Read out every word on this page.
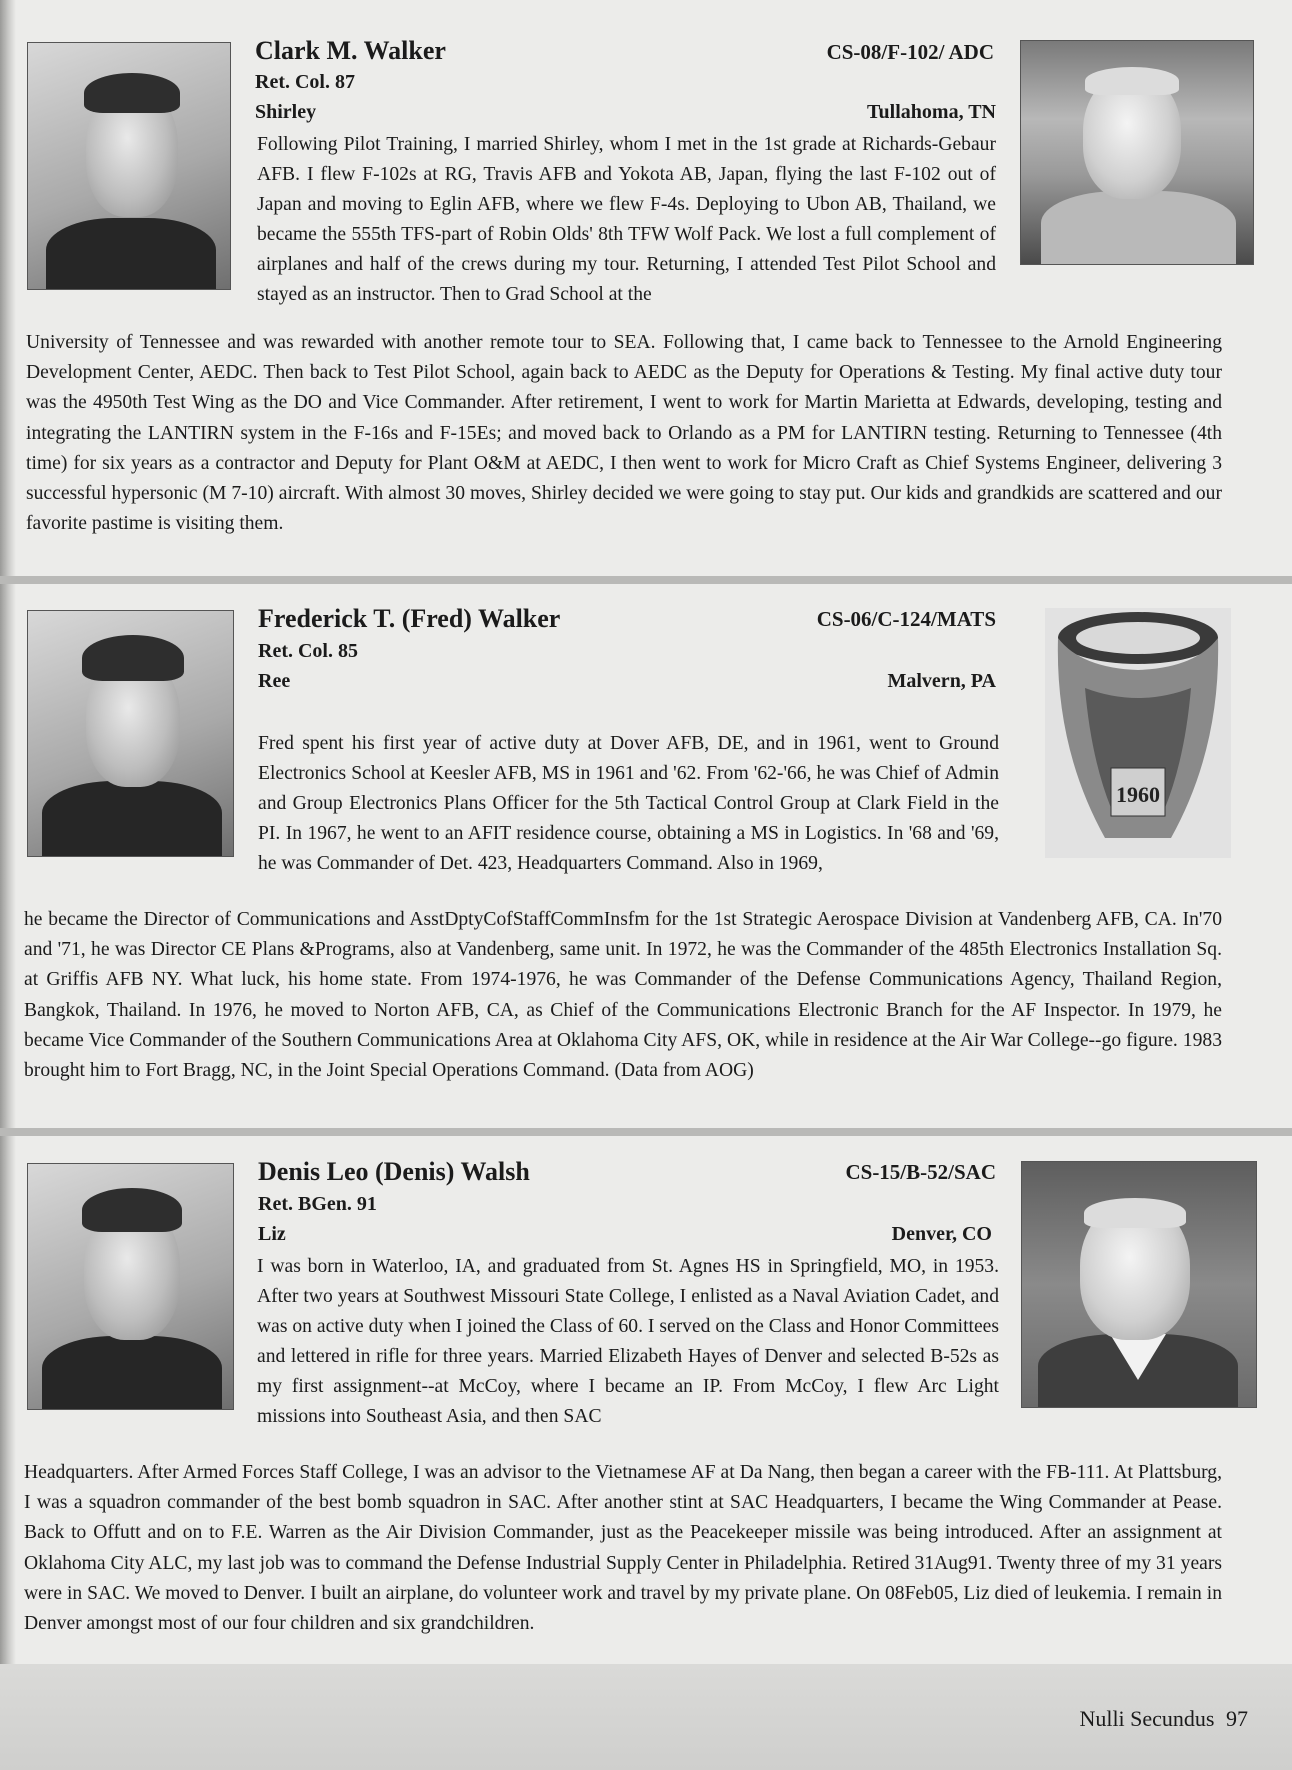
Clark M. Walker	CS-08/F-102/ ADC
Ret. Col. 87
Shirley	Tullahoma, TN
Following Pilot Training, I married Shirley, whom I met in the 1st grade at Richards-Gebaur AFB. I flew F-102s at RG, Travis AFB and Yokota AB, Japan, flying the last F-102 out of Japan and moving to Eglin AFB, where we flew F-4s. Deploying to Ubon AB, Thailand, we became the 555th TFS-part of Robin Olds' 8th TFW Wolf Pack. We lost a full complement of airplanes and half of the crews during my tour. Returning, I attended Test Pilot School and stayed as an instructor. Then to Grad School at the
University of Tennessee and was rewarded with another remote tour to SEA. Following that, I came back to Tennessee to the Arnold Engineering Development Center, AEDC. Then back to Test Pilot School, again back to AEDC as the Deputy for Operations & Testing. My final active duty tour was the 4950th Test Wing as the DO and Vice Commander. After retirement, I went to work for Martin Marietta at Edwards, developing, testing and integrating the LANTIRN system in the F-16s and F-15Es; and moved back to Orlando as a PM for LANTIRN testing. Returning to Tennessee (4th time) for six years as a contractor and Deputy for Plant O&M at AEDC, I then went to work for Micro Craft as Chief Systems Engineer, delivering 3 successful hypersonic (M 7-10) aircraft. With almost 30 moves, Shirley decided we were going to stay put. Our kids and grandkids are scattered and our favorite pastime is visiting them.
Frederick T. (Fred) Walker	CS-06/C-124/MATS
Ret. Col. 85
Ree	Malvern, PA
1960
Fred spent his first year of active duty at Dover AFB, DE, and in 1961, went to Ground Electronics School at Keesler AFB, MS in 1961 and '62. From '62-'66, he was Chief of Admin and Group Electronics Plans Officer for the 5th Tactical Control Group at Clark Field in the PI. In 1967, he went to an AFIT residence course, obtaining a MS in Logistics. In '68 and '69, he was Commander of Det. 423, Headquarters Command. Also in 1969,
he became the Director of Communications and AsstDptyCofStaffCommInsfm for the 1st Strategic Aerospace Division at Vandenberg AFB, CA. In'70 and '71, he was Director CE Plans &Programs, also at Vandenberg, same unit. In 1972, he was the Commander of the 485th Electronics Installation Sq. at Griffis AFB NY. What luck, his home state. From 1974-1976, he was Commander of the Defense Communications Agency, Thailand Region, Bangkok, Thailand. In 1976, he moved to Norton AFB, CA, as Chief of the Communications Electronic Branch for the AF Inspector. In 1979, he became Vice Commander of the Southern Communications Area at Oklahoma City AFS, OK, while in residence at the Air War College--go figure. 1983 brought him to Fort Bragg, NC, in the Joint Special Operations Command. (Data from AOG)
Denis Leo (Denis) Walsh	CS-15/B-52/SAC
Ret. BGen. 91
Liz	Denver, CO
I was born in Waterloo, IA, and graduated from St. Agnes HS in Springfield, MO, in 1953. After two years at Southwest Missouri State College, I enlisted as a Naval Aviation Cadet, and was on active duty when I joined the Class of 60. I served on the Class and Honor Committees and lettered in rifle for three years. Married Elizabeth Hayes of Denver and selected B-52s as my first assignment--at McCoy, where I became an IP. From McCoy, I flew Arc Light missions into Southeast Asia, and then SAC
Headquarters. After Armed Forces Staff College, I was an advisor to the Vietnamese AF at Da Nang, then began a career with the FB-111. At Plattsburg, I was a squadron commander of the best bomb squadron in SAC. After another stint at SAC Headquarters, I became the Wing Commander at Pease. Back to Offutt and on to F.E. Warren as the Air Division Commander, just as the Peacekeeper missile was being introduced. After an assignment at Oklahoma City ALC, my last job was to command the Defense Industrial Supply Center in Philadelphia. Retired 31Aug91. Twenty three of my 31 years were in SAC. We moved to Denver. I built an airplane, do volunteer work and travel by my private plane. On 08Feb05, Liz died of leukemia. I remain in Denver amongst most of our four children and six grandchildren.
Nulli Secundus 97
